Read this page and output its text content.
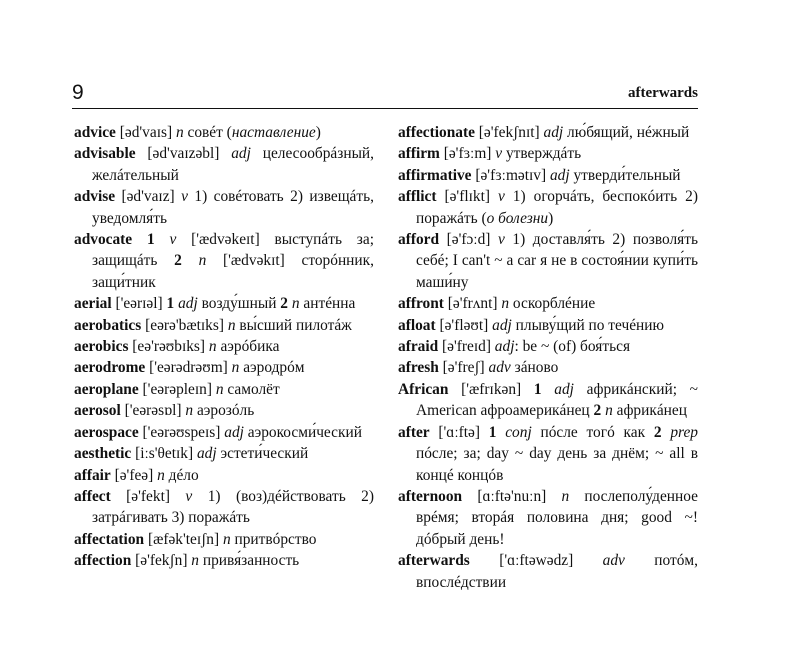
9	afterwards

advice [əd'vaɪs] n совéт (наставление)

advisable [əd'vaɪzəbl] adj целесообрáзный, желáтельный

advise [əd'vaɪz] v 1) совéтовать 2) извещáть, уведомля́ть

advocate 1 v ['ædvəkeɪt] выступáть за; защищáть 2 n ['ædvəkɪt] сторóнник, защи́тник

aerial ['eərɪəl] 1 adj возду́шный 2 n антéнна

aerobatics [eərə'bætɪks] n вы́сший пилотáж

aerobics [eə'rəʊbɪks] n аэрóбика

aerodrome ['eərədrəʊm] n аэродрóм

aeroplane ['eərəpleɪn] n самолёт

aerosol ['eərəsɒl] n аэрозóль

aerospace ['eərəʊspeɪs] adj аэрокосми́ческий

aesthetic [iːs'θetɪk] adj эстети́ческий

affair [ə'feə] n дéло

affect [ə'fekt] v 1) (воз)дéйствовать 2) затрáгивать 3) поражáть

affectation [æfək'teɪʃn] n притвóрство

affection [ə'fekʃn] n привя́занность

affectionate [ə'fekʃnɪt] adj лю́бящий, нéжный

affirm [ə'fɜːm] v утверждáть

affirmative [ə'fɜːmətɪv] adj утверди́тельный

afflict [ə'flɪkt] v 1) огорчáть, беспокóить 2) поражáть (о болезни)

afford [ə'fɔːd] v 1) доставля́ть 2) позволя́ть себé; I can't ~ a car я не в состоя́нии купи́ть маши́ну

affront [ə'frʌnt] n оскорблéние

afloat [ə'fləʊt] adj плыву́щий по течéнию

afraid [ə'freɪd] adj: be ~ (of) боя́ться

afresh [ə'freʃ] adv зáново

African ['æfrɪkən] 1 adj африкáнский; ~ American афроамерикáнец 2 n африкáнец

after ['ɑːftə] 1 conj пóсле тогó как 2 prep пóсле; за; day ~ day день за днём; ~ all в концé концóв

afternoon [ɑːftə'nuːn] n послеполу́денное врéмя; вторáя половина дня; good ~! дóбрый день!

afterwards ['ɑːftəwədz] adv потóм, впослéдствии
